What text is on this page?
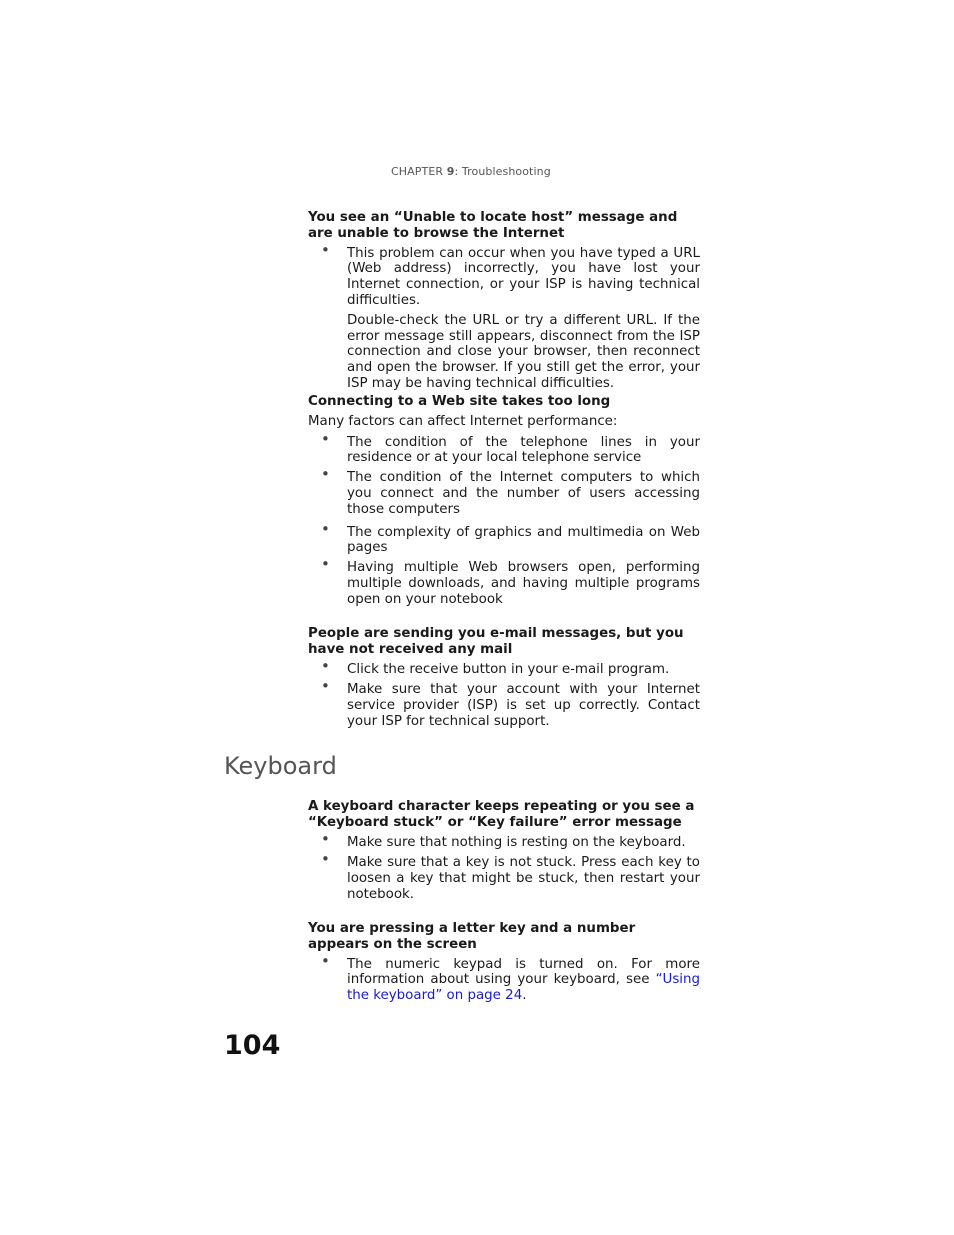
CHAPTER 9: Troubleshooting

You see an “Unable to locate host” message and are unable to browse the Internet

• This problem can occur when you have typed a URL (Web address) incorrectly, you have lost your Internet connection, or your ISP is having technical difficulties.
Double-check the URL or try a different URL. If the error message still appears, disconnect from the ISP connection and close your browser, then reconnect and open the browser. If you still get the error, your ISP may be having technical difficulties.

Connecting to a Web site takes too long

Many factors can affect Internet performance:

• The condition of the telephone lines in your residence or at your local telephone service
• The condition of the Internet computers to which you connect and the number of users accessing those computers
• The complexity of graphics and multimedia on Web pages
• Having multiple Web browsers open, performing multiple downloads, and having multiple programs open on your notebook

People are sending you e-mail messages, but you have not received any mail

• Click the receive button in your e-mail program.
• Make sure that your account with your Internet service provider (ISP) is set up correctly. Contact your ISP for technical support.
Keyboard

A keyboard character keeps repeating or you see a “Keyboard stuck” or “Key failure” error message

• Make sure that nothing is resting on the keyboard.
• Make sure that a key is not stuck. Press each key to loosen a key that might be stuck, then restart your notebook.

You are pressing a letter key and a number appears on the screen

• The numeric keypad is turned on. For more information about using your keyboard, see “Using the keyboard” on page 24.
104
